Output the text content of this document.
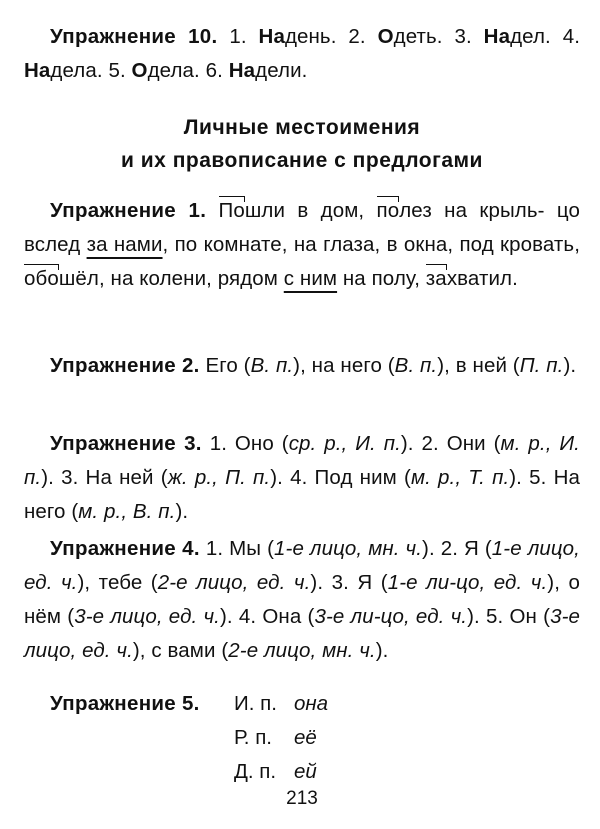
Упражнение 10. 1. Надень. 2. Одеть. 3. Надел. 4. Надела. 5. Одела. 6. Надели.
Личные местоимения
и их правописание с предлогами
Упражнение 1. Пошли в дом, полез на крыль- цо вслед за нами, по комнате, на глаза, в окна, под кровать, обошёл, на колени, рядом с ним на полу, захватил.
Упражнение 2. Его (В. п.), на него (В. п.), в ней (П. п.).
Упражнение 3. 1. Оно (ср. р., И. п.). 2. Они (м. р., И. п.). 3. На ней (ж. р., П. п.). 4. Под ним (м. р., Т. п.). 5. На него (м. р., В. п.).
Упражнение 4. 1. Мы (1-е лицо, мн. ч.). 2. Я (1-е лицо, ед. ч.), тебе (2-е лицо, ед. ч.). 3. Я (1-е ли-цо, ед. ч.), о нём (3-е лицо, ед. ч.). 4. Она (3-е ли-цо, ед. ч.). 5. Он (3-е лицо, ед. ч.), с вами (2-е лицо, мн. ч.).
Упражнение 5.	И. п. она
Р. п.	её
Д. п. ей
213
